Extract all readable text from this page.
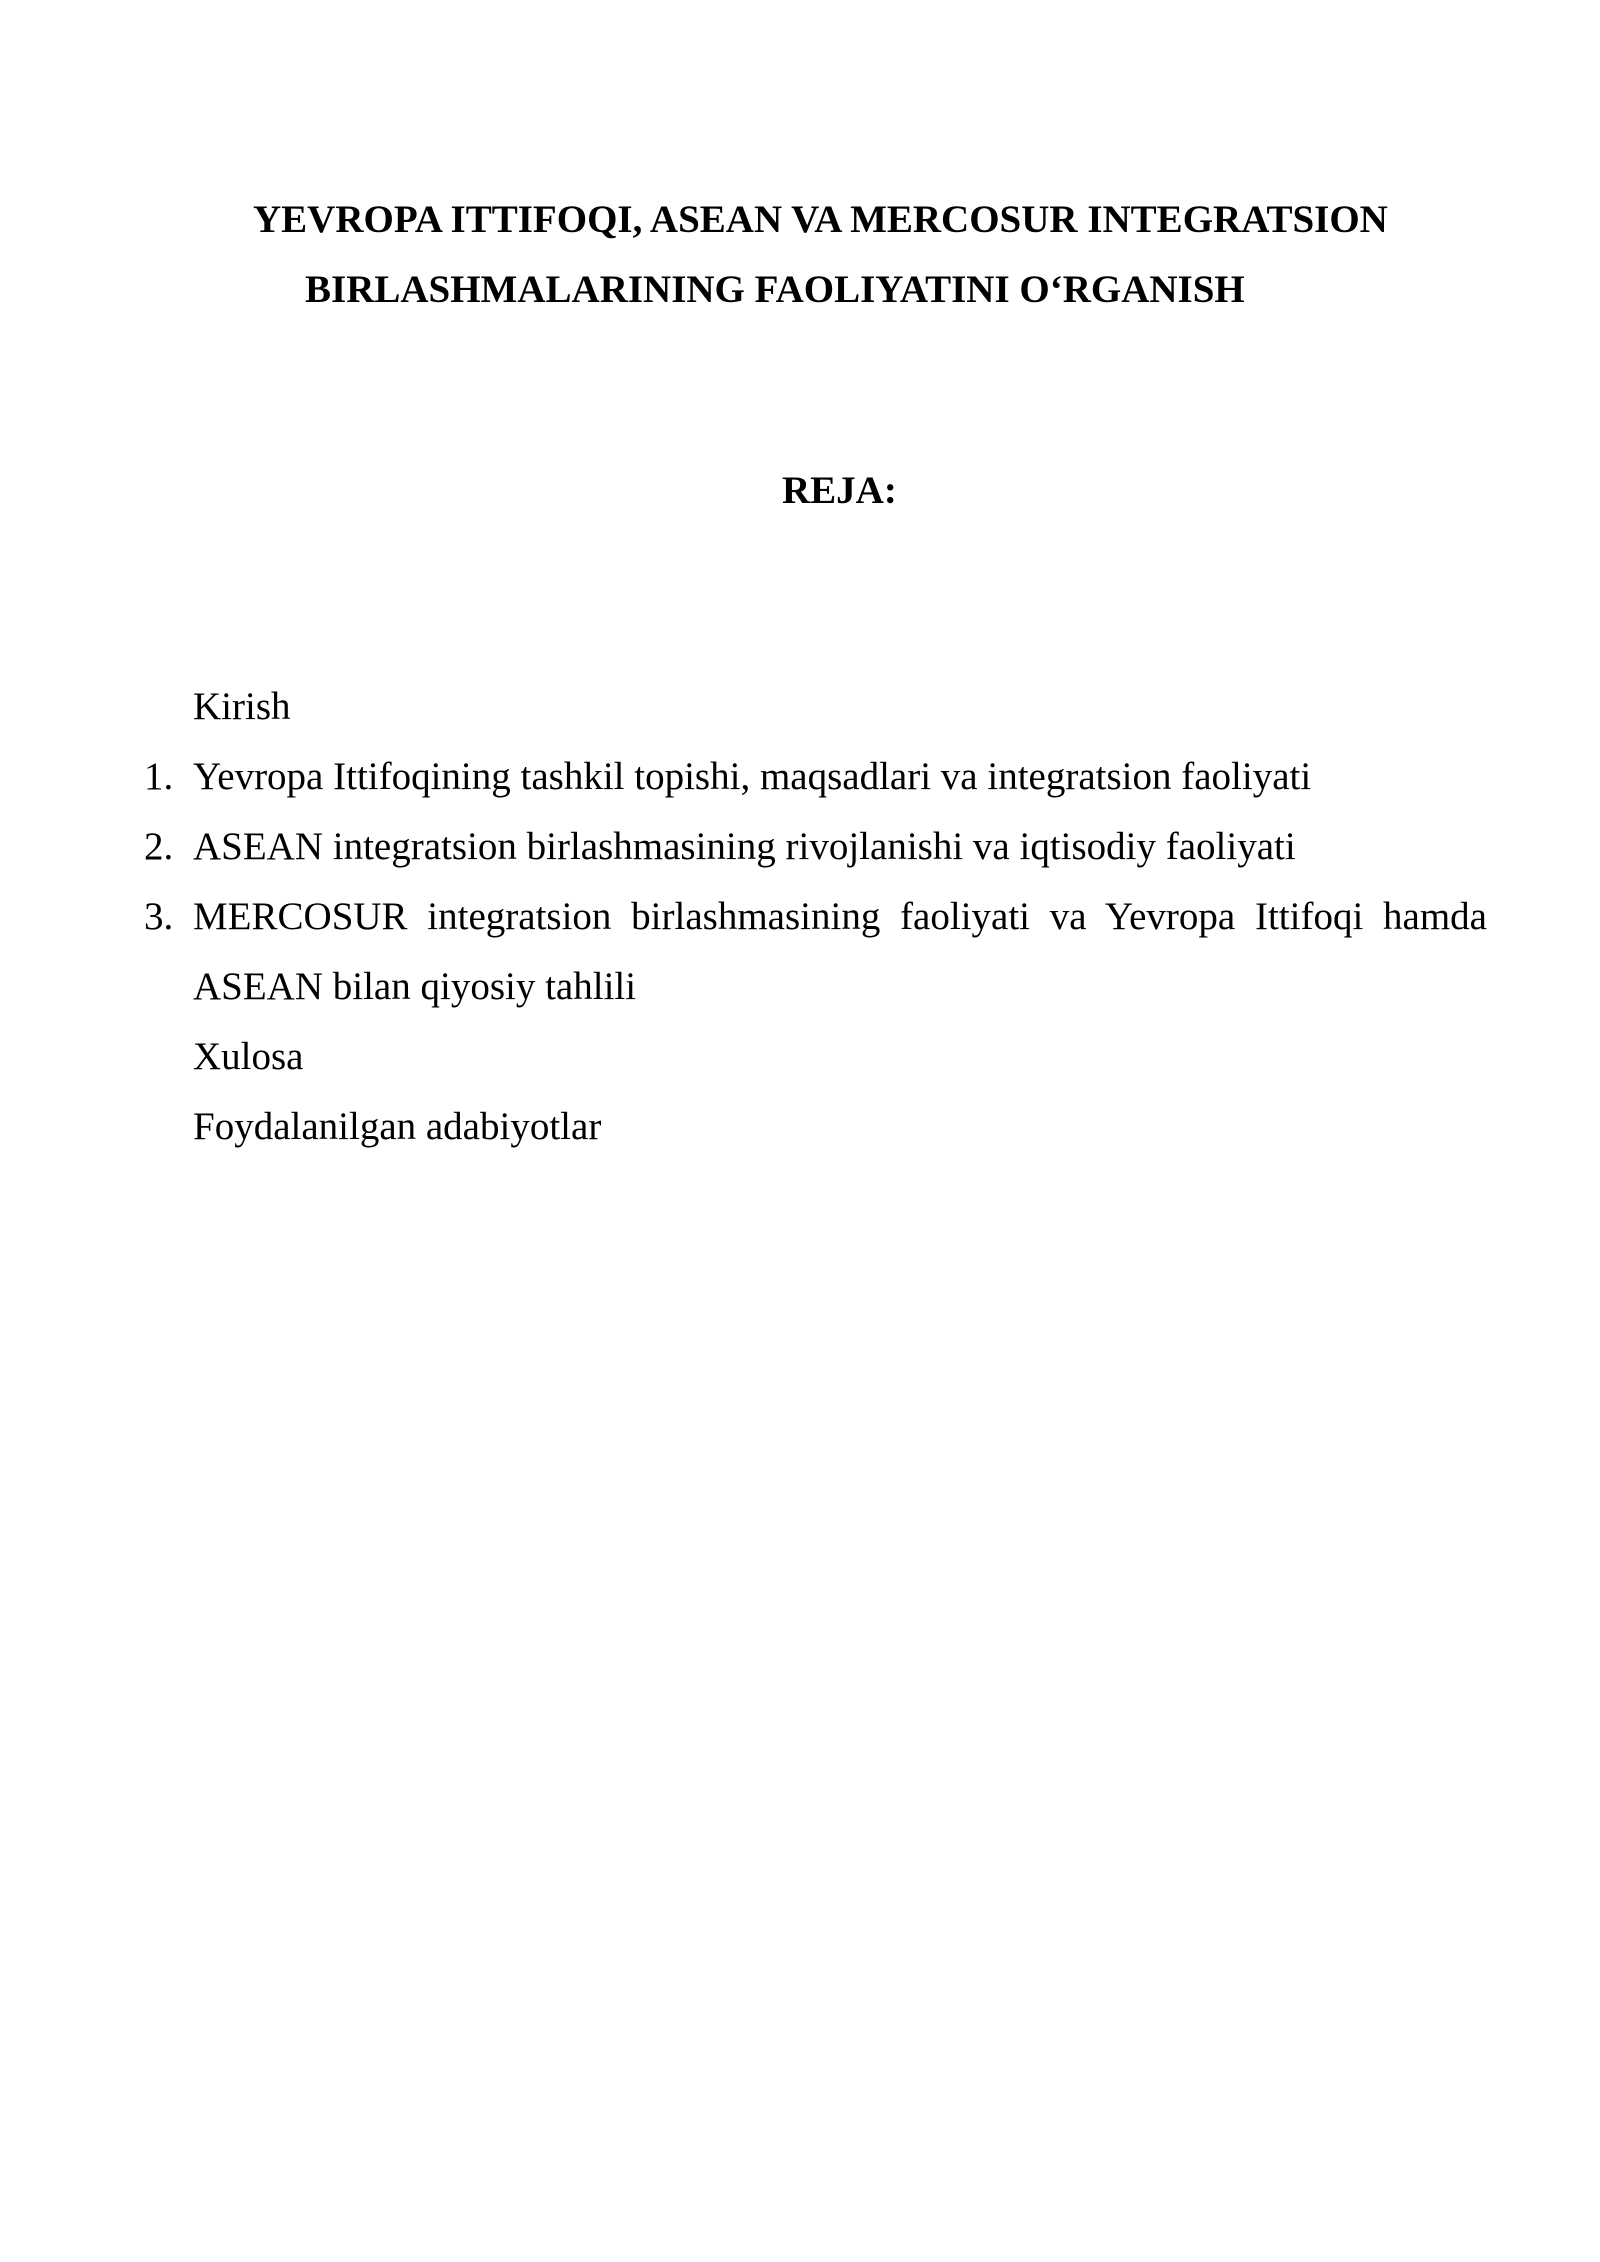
YEVROPA ITTIFOQI, ASEAN VA MERCOSUR INTEGRATSION
BIRLASHMALARINING FAOLIYATINI O‘RGANISH
REJA:
Kirish
1. Yevropa Ittifoqining tashkil topishi, maqsadlari va integratsion faoliyati
2. ASEAN integratsion birlashmasining rivojlanishi va iqtisodiy faoliyati
3. MERCOSUR integratsion birlashmasining faoliyati va Yevropa Ittifoqi hamda ASEAN bilan qiyosiy tahlili
Xulosa
Foydalanilgan adabiyotlar
